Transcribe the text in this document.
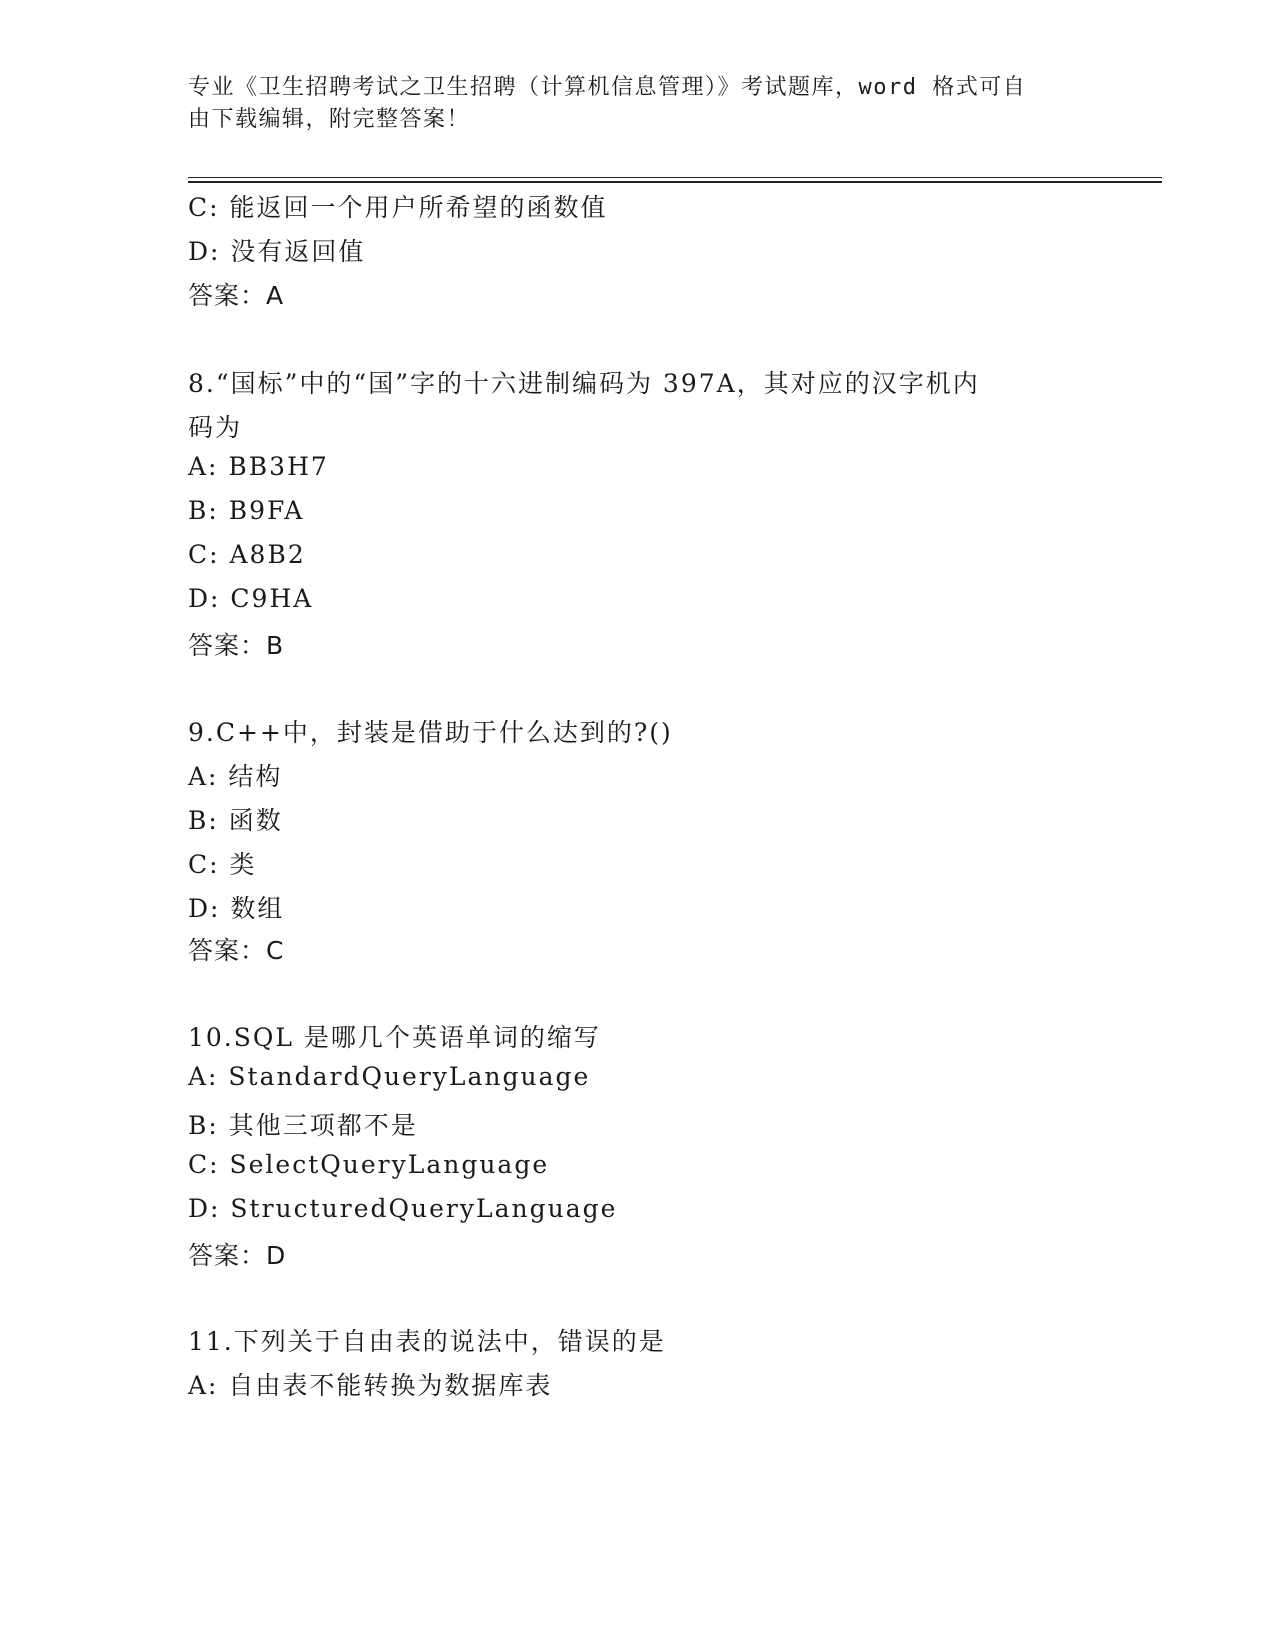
专业《卫生招聘考试之卫生招聘（计算机信息管理）》考试题库，word 格式可自

由下载编辑，附完整答案！

C: 能返回一个用户所希望的函数值
D: 没有返回值
答案：A
8.“国标”中的“国”字的十六进制编码为 397A，其对应的汉字机内
码为
A: BB3H7
B: B9FA
C: A8B2
D: C9HA
答案：B
9.C++中，封装是借助于什么达到的?()
A: 结构
B: 函数
C: 类
D: 数组
答案：C
10.SQL 是哪几个英语单词的缩写
A: StandardQueryLanguage
B: 其他三项都不是
C: SelectQueryLanguage
D: StructuredQueryLanguage
答案：D
11.下列关于自由表的说法中，错误的是
A: 自由表不能转换为数据库表
